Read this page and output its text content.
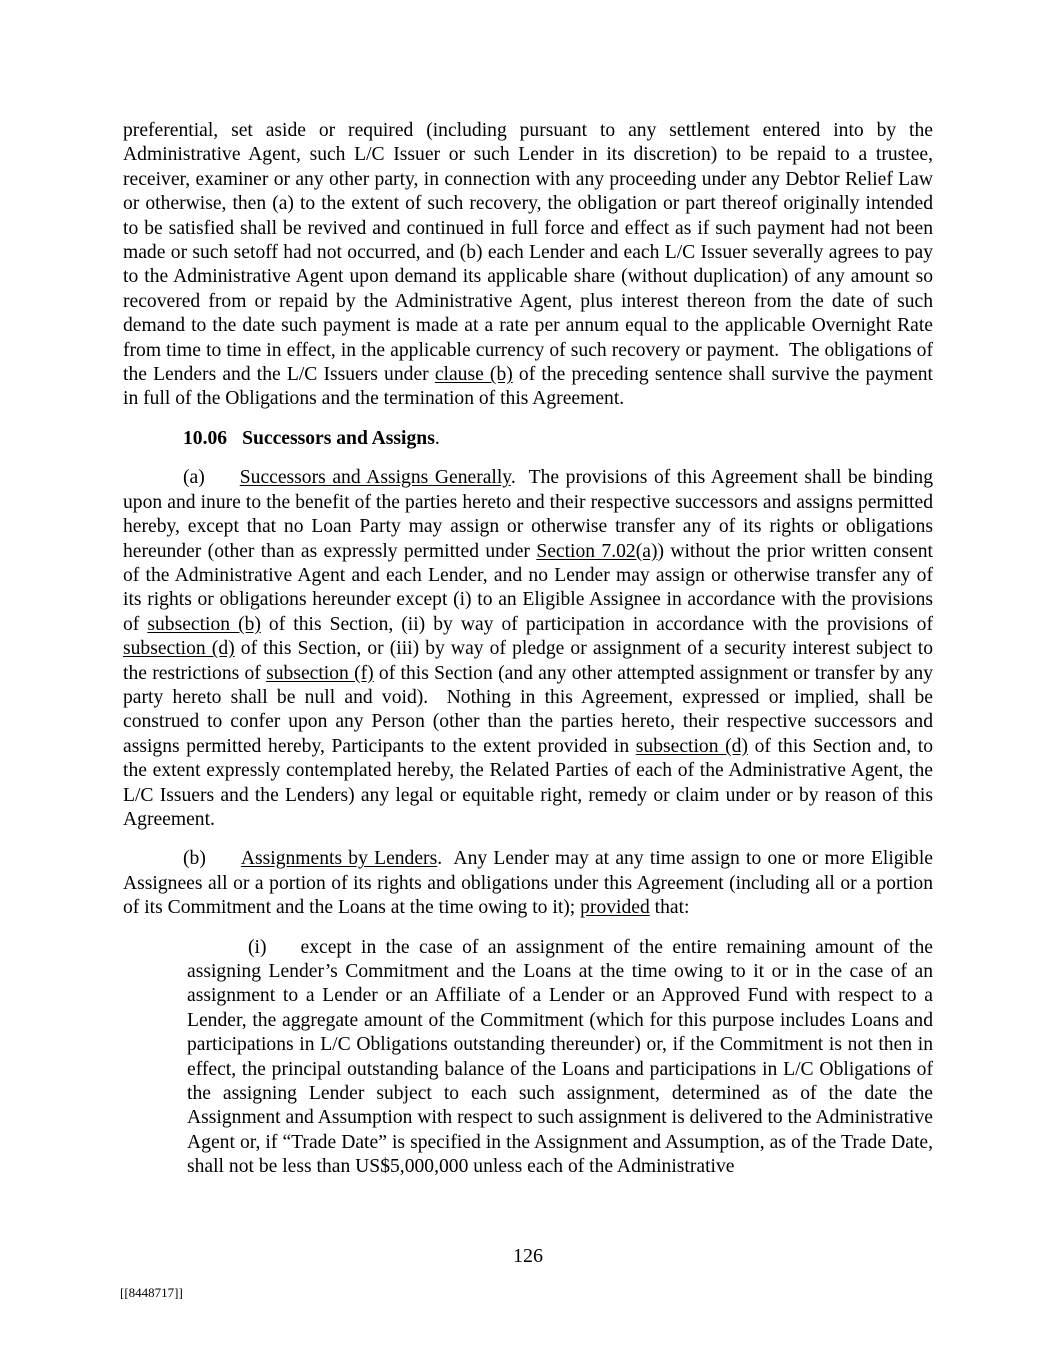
preferential, set aside or required (including pursuant to any settlement entered into by the Administrative Agent, such L/C Issuer or such Lender in its discretion) to be repaid to a trustee, receiver, examiner or any other party, in connection with any proceeding under any Debtor Relief Law or otherwise, then (a) to the extent of such recovery, the obligation or part thereof originally intended to be satisfied shall be revived and continued in full force and effect as if such payment had not been made or such setoff had not occurred, and (b) each Lender and each L/C Issuer severally agrees to pay to the Administrative Agent upon demand its applicable share (without duplication) of any amount so recovered from or repaid by the Administrative Agent, plus interest thereon from the date of such demand to the date such payment is made at a rate per annum equal to the applicable Overnight Rate from time to time in effect, in the applicable currency of such recovery or payment.  The obligations of the Lenders and the L/C Issuers under clause (b) of the preceding sentence shall survive the payment in full of the Obligations and the termination of this Agreement.

10.06 Successors and Assigns.

(a) Successors and Assigns Generally.  The provisions of this Agreement shall be binding upon and inure to the benefit of the parties hereto and their respective successors and assigns permitted hereby, except that no Loan Party may assign or otherwise transfer any of its rights or obligations hereunder (other than as expressly permitted under Section 7.02(a)) without the prior written consent of the Administrative Agent and each Lender, and no Lender may assign or otherwise transfer any of its rights or obligations hereunder except (i) to an Eligible Assignee in accordance with the provisions of subsection (b) of this Section, (ii) by way of participation in accordance with the provisions of subsection (d) of this Section, or (iii) by way of pledge or assignment of a security interest subject to the restrictions of subsection (f) of this Section (and any other attempted assignment or transfer by any party hereto shall be null and void).  Nothing in this Agreement, expressed or implied, shall be construed to confer upon any Person (other than the parties hereto, their respective successors and assigns permitted hereby, Participants to the extent provided in subsection (d) of this Section and, to the extent expressly contemplated hereby, the Related Parties of each of the Administrative Agent, the L/C Issuers and the Lenders) any legal or equitable right, remedy or claim under or by reason of this Agreement.

(b) Assignments by Lenders.  Any Lender may at any time assign to one or more Eligible Assignees all or a portion of its rights and obligations under this Agreement (including all or a portion of its Commitment and the Loans at the time owing to it); provided that:

(i) except in the case of an assignment of the entire remaining amount of the assigning Lender’s Commitment and the Loans at the time owing to it or in the case of an assignment to a Lender or an Affiliate of a Lender or an Approved Fund with respect to a Lender, the aggregate amount of the Commitment (which for this purpose includes Loans and participations in L/C Obligations outstanding thereunder) or, if the Commitment is not then in effect, the principal outstanding balance of the Loans and participations in L/C Obligations of the assigning Lender subject to each such assignment, determined as of the date the Assignment and Assumption with respect to such assignment is delivered to the Administrative Agent or, if “Trade Date” is specified in the Assignment and Assumption, as of the Trade Date, shall not be less than US$5,000,000 unless each of the Administrative

126
[[8448717]]
